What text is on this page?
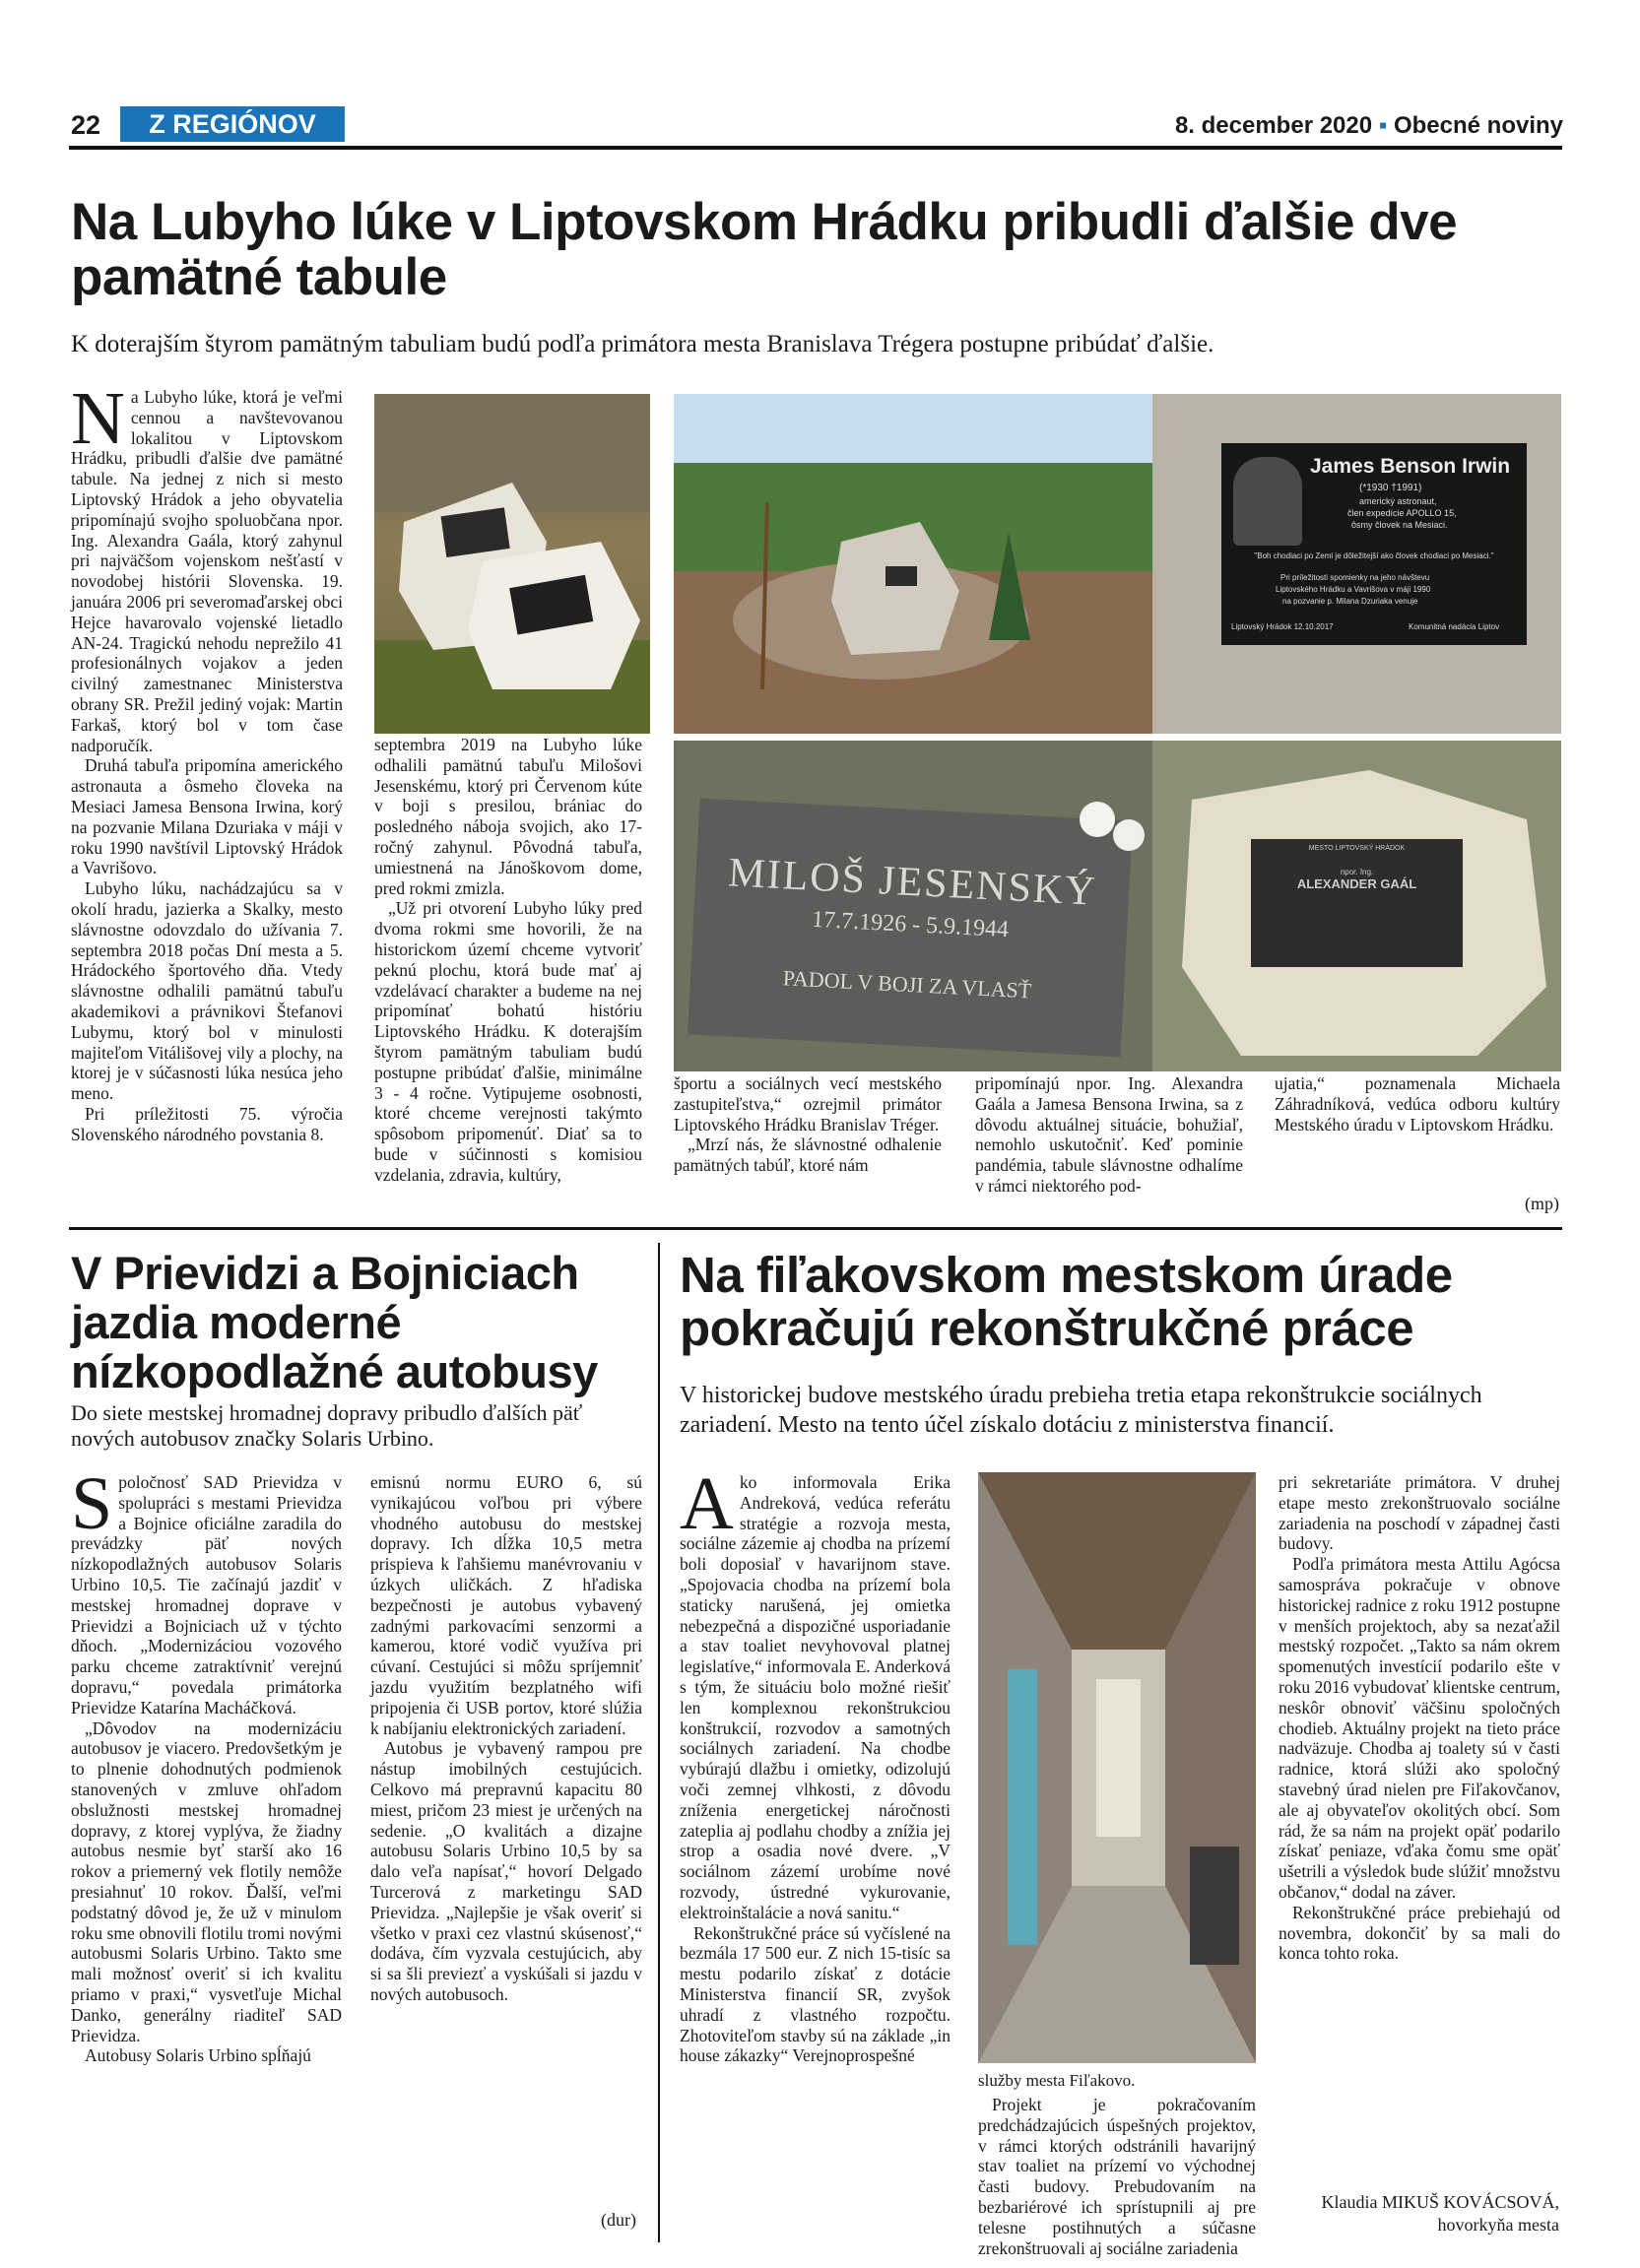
22	Z REGIÓNOV	8. december 2020 ▪ Obecné noviny
Na Lubyho lúke v Liptovskom Hrádku pribudli ďalšie dve pamätné tabule
K doterajším štyrom pamätným tabuliam budú podľa primátora mesta Branislava Trégera postupne pribúdať ďalšie.

Na Lubyho lúke, ktorá je veľmi cennou a navštevovanou lokalitou v Liptovskom Hrádku, pribudli ďalšie dve pamätné tabule. Na jednej z nich si mesto Liptovský Hrádok a jeho obyvatelia pripomínajú svojho spoluobčana npor. Ing. Alexandra Gaála, ktorý zahynul pri najväčšom vojenskom nešťastí v novodobej histórii Slovenska. 19. januára 2006 pri severomaďarskej obci Hejce havarovalo vojenské lietadlo AN-24. Tragickú nehodu neprežilo 41 profesionálnych vojakov a jeden civilný zamestnanec Ministerstva obrany SR. Prežil jediný vojak: Martin Farkaš, ktorý bol v tom čase nadporučík.

Druhá tabuľa pripomína amerického astronauta a ôsmeho človeka na Mesiaci Jamesa Bensona Irwina, korý na pozvanie Milana Dzuriaka v máji v roku 1990 navštívil Liptovský Hrádok a Vavrišovo.

Lubyho lúku, nachádzajúcu sa v okolí hradu, jazierka a Skalky, mesto slávnostne odovzdalo do užívania 7. septembra 2018 počas Dní mesta a 5. Hrádockého športového dňa. Vtedy slávnostne odhalili pamätnú tabuľu akademikovi a právnikovi Štefanovi Lubymu, ktorý bol v minulosti majiteľom Vitálišovej vily a plochy, na ktorej je v súčasnosti lúka nesúca jeho meno.

Pri príležitosti 75. výročia Slovenského národného povstania 8.

James Benson Irwin
(*1930 †1991)
americký astronaut,
člen expedície APOLLO 15,
ôsmy človek na Mesiaci.
"Boh chodiaci po Zemi je dôležitejší ako človek chodiaci po Mesiaci."
Pri príležitosti spomienky na jeho návštevu
Liptovského Hrádku a Vavrišova v máji 1990
na pozvanie p. Milana Dzuriaka venuje
Liptovský Hrádok 12.10.2017	Komunitná nadácia Liptov
MILOŠ JESENSKÝ
17.7.1926 - 5.9.1944
PADOL V BOJI ZA VLASŤ
MESTO LIPTOVSKÝ HRÁDOK
npor. Ing.
ALEXANDER GAÁL

septembra 2019 na Lubyho lúke odhalili pamätnú tabuľu Milošovi Jesenskému, ktorý pri Červenom kúte v boji s presilou, brániac do posledného náboja svojich, ako 17-ročný zahynul. Pôvodná tabuľa, umiestnená na Jánoškovom dome, pred rokmi zmizla.

„Už pri otvorení Lubyho lúky pred dvoma rokmi sme hovorili, že na historickom území chceme vytvoriť peknú plochu, ktorá bude mať aj vzdelávací charakter a budeme na nej pripomínať bohatú históriu Liptovského Hrádku. K doterajším štyrom pamätným tabuliam budú postupne pribúdať ďalšie, minimálne 3 - 4 ročne. Vytipujeme osobnosti, ktoré chceme verejnosti takýmto spôsobom pripomenúť. Diať sa to bude v súčinnosti s komisiou vzdelania, zdravia, kultúry,

športu a sociálnych vecí mestského zastupiteľstva,“ ozrejmil primátor Liptovského Hrádku Branislav Tréger.

„Mrzí nás, že slávnostné odhalenie pamätných tabúľ, ktoré nám

pripomínajú npor. Ing. Alexandra Gaála a Jamesa Bensona Irwina, sa z dôvodu aktuálnej situácie, bohužiaľ, nemohlo uskutočniť. Keď pominie pandémia, tabule slávnostne odhalíme v rámci niektorého pod-

ujatia,“ poznamenala Michaela Záhradníková, vedúca odboru kultúry Mestského úradu v Liptovskom Hrádku.

(mp)
V Prievidzi a Bojniciach jazdia moderné nízkopodlažné autobusy
Do siete mestskej hromadnej dopravy pribudlo ďalších päť nových autobusov značky Solaris Urbino.

Spoločnosť SAD Prievidza v spolupráci s mestami Prievidza a Bojnice oficiálne zaradila do prevádzky päť nových nízkopodlažných autobusov Solaris Urbino 10,5. Tie začínajú jazdiť v mestskej hromadnej doprave v Prievidzi a Bojniciach už v týchto dňoch. „Modernizáciou vozového parku chceme zatraktívniť verejnú dopravu,“ povedala primátorka Prievidze Katarína Macháčková.

„Dôvodov na modernizáciu autobusov je viacero. Predovšetkým je to plnenie dohodnutých podmienok stanovených v zmluve ohľadom obslužnosti mestskej hromadnej dopravy, z ktorej vyplýva, že žiadny autobus nesmie byť starší ako 16 rokov a priemerný vek flotily nemôže presiahnuť 10 rokov. Ďalší, veľmi podstatný dôvod je, že už v minulom roku sme obnovili flotilu tromi novými autobusmi Solaris Urbino. Takto sme mali možnosť overiť si ich kvalitu priamo v praxi,“ vysvetľuje Michal Danko, generálny riaditeľ SAD Prievidza.

Autobusy Solaris Urbino spĺňajú

emisnú normu EURO 6, sú vynikajúcou voľbou pri výbere vhodného autobusu do mestskej dopravy. Ich dĺžka 10,5 metra prispieva k ľahšiemu manévrovaniu v úzkych uličkách. Z hľadiska bezpečnosti je autobus vybavený zadnými parkovacími senzormi a kamerou, ktoré vodič využíva pri cúvaní. Cestujúci si môžu spríjemniť jazdu využitím bezplatného wifi pripojenia či USB portov, ktoré slúžia k nabíjaniu elektronických zariadení.

Autobus je vybavený rampou pre nástup imobilných cestujúcich. Celkovo má prepravnú kapacitu 80 miest, pričom 23 miest je určených na sedenie. „O kvalitách a dizajne autobusu Solaris Urbino 10,5 by sa dalo veľa napísať,“ hovorí Delgado Turcerová z marketingu SAD Prievidza. „Najlepšie je však overiť si všetko v praxi cez vlastnú skúsenosť,“ dodáva, čím vyzvala cestujúcich, aby si sa šli previezť a vyskúšali si jazdu v nových autobusoch.

(dur)
Na fiľakovskom mestskom úrade pokračujú rekonštrukčné práce
V historickej budove mestského úradu prebieha tretia etapa rekonštrukcie sociálnych zariadení. Mesto na tento účel získalo dotáciu z ministerstva financií.

Ako informovala Erika Andreková, vedúca referátu stratégie a rozvoja mesta, sociálne zázemie aj chodba na prízemí boli doposiaľ v havarijnom stave. „Spojovacia chodba na prízemí bola staticky narušená, jej omietka nebezpečná a dispozičné usporiadanie a stav toaliet nevyhovoval platnej legislatíve,“ informovala E. Anderková s tým, že situáciu bolo možné riešiť len komplexnou rekonštrukciou konštrukcií, rozvodov a samotných sociálnych zariadení. Na chodbe vybúrajú dlažbu i omietky, odizolujú voči zemnej vlhkosti, z dôvodu zníženia energetickej náročnosti zateplia aj podlahu chodby a znížia jej strop a osadia nové dvere. „V sociálnom zázemí urobíme nové rozvody, ústredné vykurovanie, elektroinštalácie a nová sanitu.“

Rekonštrukčné práce sú vyčíslené na bezmála 17 500 eur. Z nich 15-tisíc sa mestu podarilo získať z dotácie Ministerstva financií SR, zvyšok uhradí z vlastného rozpočtu. Zhotoviteľom stavby sú na základe „in house zákazky“ Verejnoprospešné

služby mesta Fiľakovo.

Projekt je pokračovaním predchádzajúcich úspešných projektov, v rámci ktorých odstránili havarijný stav toaliet na prízemí vo východnej časti budovy. Prebudovaním na bezbariérové ich sprístupnili aj pre telesne postihnutých a súčasne zrekonštruovali aj sociálne zariadenia

pri sekretariáte primátora. V druhej etape mesto zrekonštruovalo sociálne zariadenia na poschodí v západnej časti budovy.

Podľa primátora mesta Attilu Agócsa samospráva pokračuje v obnove historickej radnice z roku 1912 postupne v menších projektoch, aby sa nezaťažil mestský rozpočet. „Takto sa nám okrem spomenutých investícií podarilo ešte v roku 2016 vybudovať klientske centrum, neskôr obnoviť väčšinu spoločných chodieb. Aktuálny projekt na tieto práce nadväzuje. Chodba aj toalety sú v časti radnice, ktorá slúži ako spoločný stavebný úrad nielen pre Fiľakovčanov, ale aj obyvateľov okolitých obcí. Som rád, že sa nám na projekt opäť podarilo získať peniaze, vďaka čomu sme opäť ušetrili a výsledok bude slúžiť množstvu občanov,“ dodal na záver.

Rekonštrukčné práce prebiehajú od novembra, dokončiť by sa mali do konca tohto roka.

Klaudia MIKUŠ KOVÁCSOVÁ,
hovorkyňa mesta
